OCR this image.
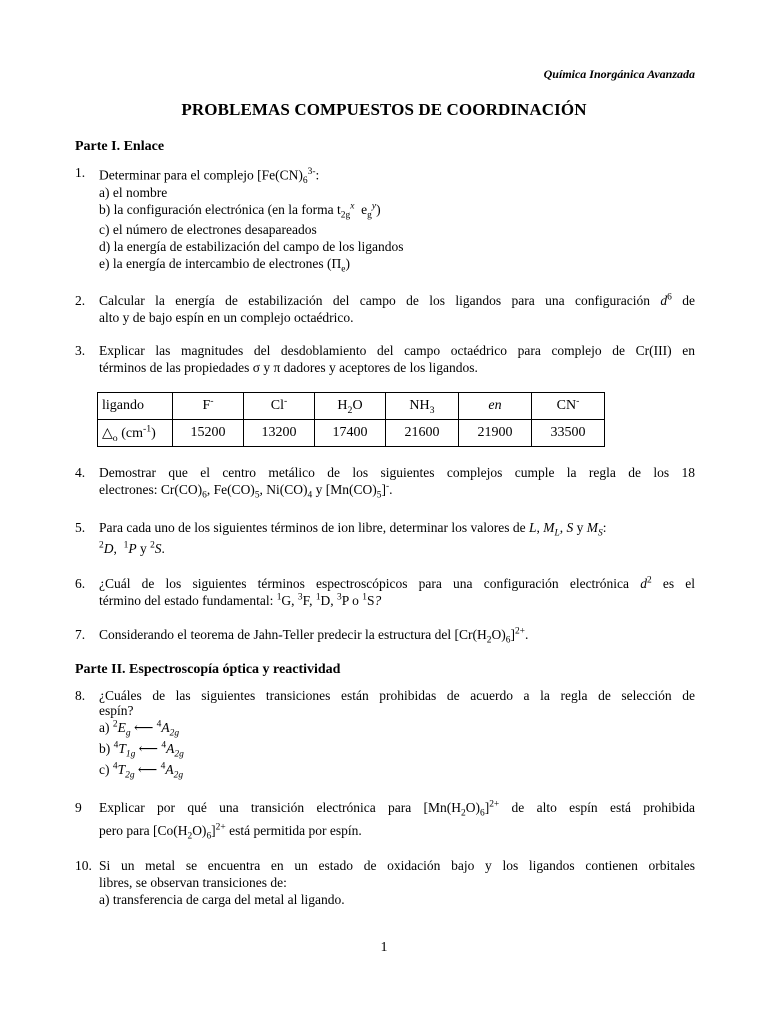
Química Inorgánica Avanzada
PROBLEMAS COMPUESTOS DE COORDINACIÓN
Parte I. Enlace
1. Determinar para el complejo [$Fe(CN)_6^{3-}$:
a) el nombre
b) la configuración electrónica (en la forma $t_{2g}^x$  $e_g^y$)
c) el número de electrones desapareados
d) la energía de estabilización del campo de los ligandos
e) la energía de intercambio de electrones $(\Pi_e)$
2. Calcular la energía de estabilización del campo de los ligandos para una configuración $d^6$ de
alto y de bajo espín en un complejo octaédrico.
3. Explicar las magnitudes del desdoblamiento del campo octaédrico para complejo de Cr(III) en
términos de las propiedades σ y π dadores y aceptores de los ligandos.
ligando	F-	Cl-	$H_2O$	$NH_3$	en	CN-
$\triangle_o$ $(cm^{-1})$	15200	13200	17400	21600	21900	33500
4. Demostrar que el centro metálico de los siguientes complejos cumple la regla de los 18
electrones: $Cr(CO)_6$, $Fe(CO)_5$, $Ni(CO)_4$ y $[Mn(CO)_5]^-$.
5. Para cada uno de los siguientes términos de ion libre, determinar los valores de L, $M_L$, S y $M_S$:
$^2$D,  $^1$P y $^2$S.
6. ¿Cuál de los siguientes términos espectroscópicos para una configuración electrónica $d^2$ es el
término del estado fundamental: $^1$G, $^3$F, $^1$D, $^3$P o $^1$S?
7. Considerando el teorema de Jahn-Teller predecir la estructura del $[Cr(H_2O)_6]^{2+}$.
Parte II. Espectroscopía óptica y reactividad
8. ¿Cuáles de las siguientes transiciones están prohibidas de acuerdo a la regla de selección de
espín?
a) $^2E_g$ ⟵ $^4A_{2g}$
b) $^4T_{1g}$ ⟵ $^4A_{2g}$
c) $^4T_{2g}$ ⟵ $^4A_{2g}$
9 Explicar por qué una transición electrónica para $[Mn(H_2O)_6]^{2+}$ de alto espín está prohibida
pero para $[Co(H_2O)_6]^{2+}$ está permitida por espín.
10. Si un metal se encuentra en un estado de oxidación bajo y los ligandos contienen orbitales
libres, se observan transiciones de:
a) transferencia de carga del metal al ligando.
1
